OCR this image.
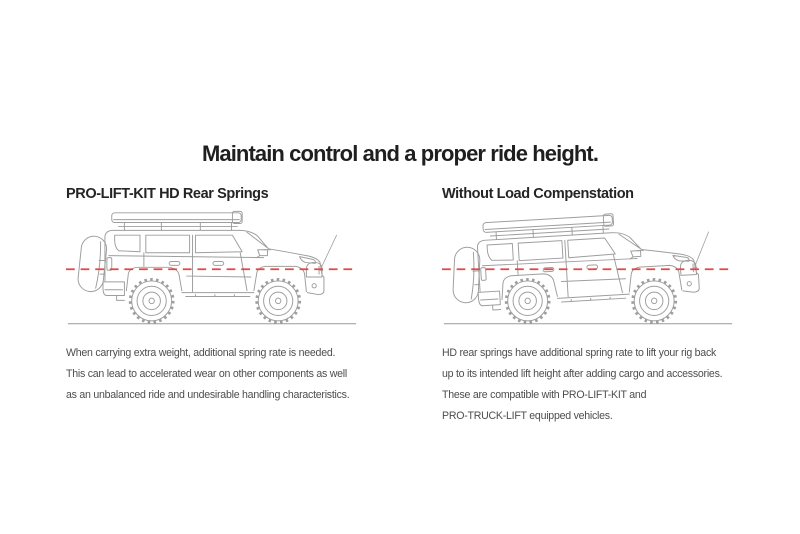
Maintain control and a proper ride height.
PRO-LIFT-KIT HD Rear Springs
When carrying extra weight, additional spring rate is needed.
This can lead to accelerated wear on other components as well
as an unbalanced ride and undesirable handling characteristics.
Without Load Compenstation
HD rear springs have additional spring rate to lift your rig back
up to its intended lift height after adding cargo and accessories.
These are compatible with PRO-LIFT-KIT and
PRO-TRUCK-LIFT equipped vehicles.
